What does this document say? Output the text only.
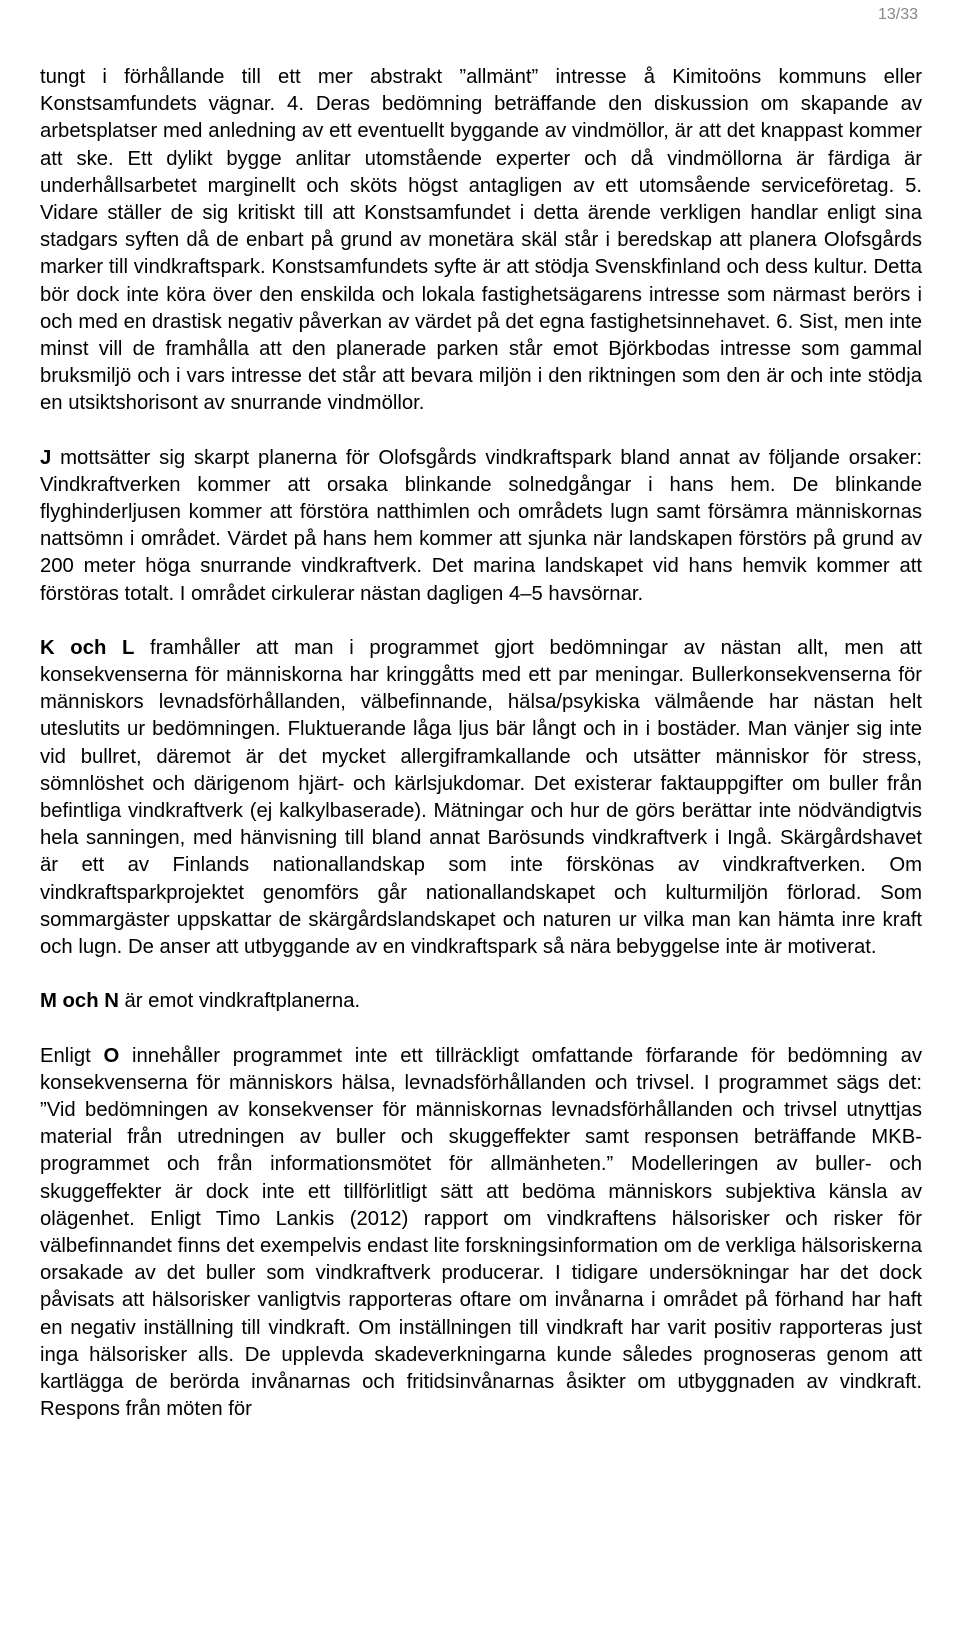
13/33

tungt i förhållande till ett mer abstrakt ”allmänt” intresse å Kimitoöns kommuns eller Konstsamfundets vägnar. 4. Deras bedömning beträffande den diskussion om skapande av arbetsplatser med anledning av ett eventuellt byggande av vindmöllor, är att det knappast kommer att ske. Ett dylikt bygge anlitar utomstående experter och då vindmöllorna är färdiga är underhållsarbetet marginellt och sköts högst antagligen av ett utomsående serviceföretag. 5. Vidare ställer de sig kritiskt till att Konstsamfundet i detta ärende verkligen handlar enligt sina stadgars syften då de enbart på grund av monetära skäl står i beredskap att planera Olofsgårds marker till vindkraftspark. Konstsamfundets syfte är att stödja Svenskfinland och dess kultur. Detta bör dock inte köra över den enskilda och lokala fastighetsägarens intresse som närmast berörs i och med en drastisk negativ påverkan av värdet på det egna fastighetsinnehavet. 6. Sist, men inte minst vill de framhålla att den planerade parken står emot Björkbodas intresse som gammal bruksmiljö och i vars intresse det står att bevara miljön i den riktningen som den är och inte stödja en utsiktshorisont av snurrande vindmöllor.

J mottsätter sig skarpt planerna för Olofsgårds vindkraftspark bland annat av följande orsaker: Vindkraftverken kommer att orsaka blinkande solnedgångar i hans hem. De blinkande flyghinderljusen kommer att förstöra natthimlen och områdets lugn samt försämra människornas nattsömn i området. Värdet på hans hem kommer att sjunka när landskapen förstörs på grund av 200 meter höga snurrande vindkraftverk. Det marina landskapet vid hans hemvik kommer att förstöras totalt. I området cirkulerar nästan dagligen 4–5 havsörnar.

K och L framhåller att man i programmet gjort bedömningar av nästan allt, men att konsekvenserna för människorna har kringgåtts med ett par meningar. Bullerkonsekvenserna för människors levnadsförhållanden, välbefinnande, hälsa/psykiska välmående har nästan helt uteslutits ur bedömningen. Fluktuerande låga ljus bär långt och in i bostäder. Man vänjer sig inte vid bullret, däremot är det mycket allergiframkallande och utsätter människor för stress, sömnlöshet och därigenom hjärt- och kärlsjukdomar. Det existerar faktauppgifter om buller från befintliga vindkraftverk (ej kalkylbaserade). Mätningar och hur de görs berättar inte nödvändigtvis hela sanningen, med hänvisning till bland annat Barösunds vindkraftverk i Ingå. Skärgårdshavet är ett av Finlands nationallandskap som inte förskönas av vindkraftverken. Om vindkraftsparkprojektet genomförs går nationallandskapet och kulturmiljön förlorad. Som sommargäster uppskattar de skärgårdslandskapet och naturen ur vilka man kan hämta inre kraft och lugn. De anser att utbyggande av en vindkraftspark så nära bebyggelse inte är motiverat.

M och N är emot vindkraftplanerna.

Enligt O innehåller programmet inte ett tillräckligt omfattande förfarande för bedömning av konsekvenserna för människors hälsa, levnadsförhållanden och trivsel. I programmet sägs det: ”Vid bedömningen av konsekvenser för människornas levnadsförhållanden och trivsel utnyttjas material från utredningen av buller och skuggeffekter samt responsen beträffande MKB-programmet och från informationsmötet för allmänheten.” Modelleringen av buller- och skuggeffekter är dock inte ett tillförlitligt sätt att bedöma människors subjektiva känsla av olägenhet. Enligt Timo Lankis (2012) rapport om vindkraftens hälsorisker och risker för välbefinnandet finns det exempelvis endast lite forskningsinformation om de verkliga hälsoriskerna orsakade av det buller som vindkraftverk producerar. I tidigare undersökningar har det dock påvisats att hälsorisker vanligtvis rapporteras oftare om invånarna i området på förhand har haft en negativ inställning till vindkraft. Om inställningen till vindkraft har varit positiv rapporteras just inga hälsorisker alls. De upplevda skadeverkningarna kunde således prognoseras genom att kartlägga de berörda invånarnas och fritidsinvånarnas åsikter om utbyggnaden av vindkraft. Respons från möten för
